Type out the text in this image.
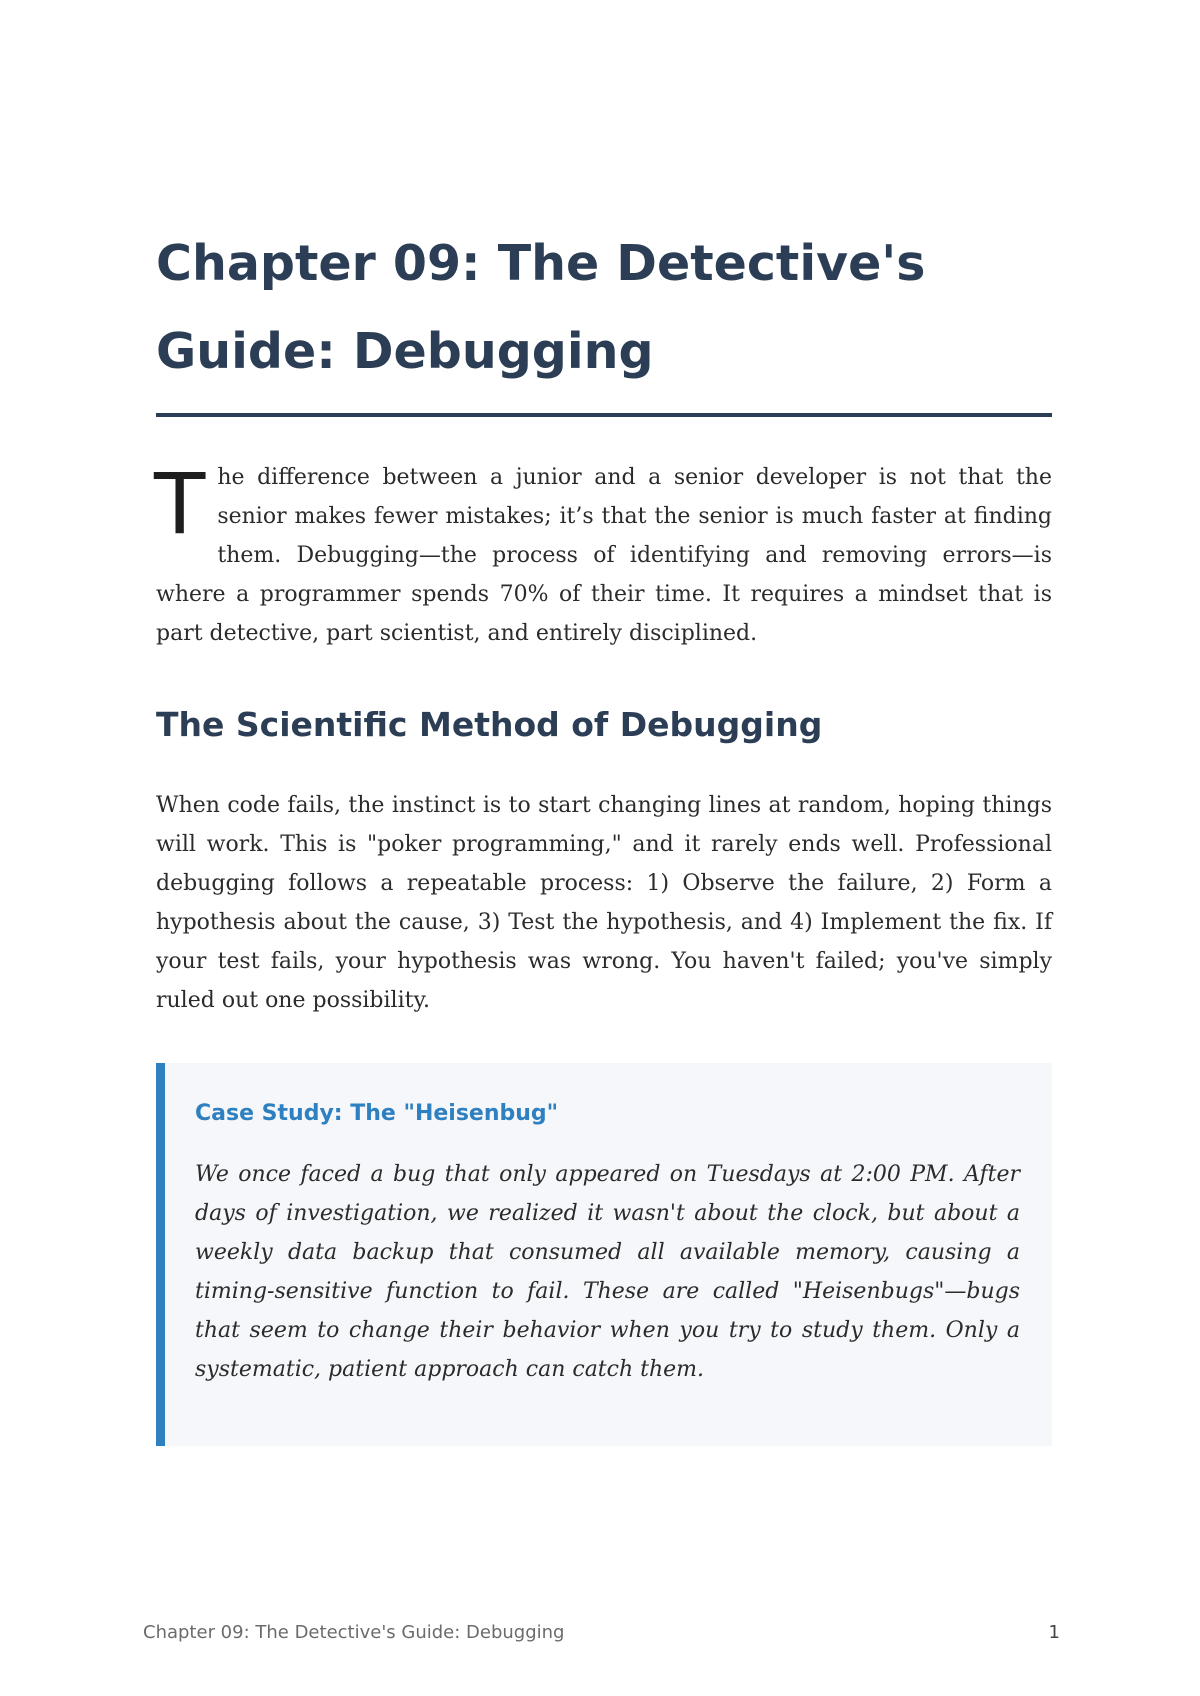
Chapter 09: The Detective's Guide: Debugging

The difference between a junior and a senior developer is not that the senior makes fewer mistakes; it’s that the senior is much faster at finding them. Debugging—the process of identifying and removing errors—is where a programmer spends 70% of their time. It requires a mindset that is part detective, part scientist, and entirely disciplined.

The Scientific Method of Debugging

When code fails, the instinct is to start changing lines at random, hoping things will work. This is "poker programming," and it rarely ends well. Professional debugging follows a repeatable process: 1) Observe the failure, 2) Form a hypothesis about the cause, 3) Test the hypothesis, and 4) Implement the fix. If your test fails, your hypothesis was wrong. You haven't failed; you've simply ruled out one possibility.

Case Study: The "Heisenbug"

We once faced a bug that only appeared on Tuesdays at 2:00 PM. After days of investigation, we realized it wasn't about the clock, but about a weekly data backup that consumed all available memory, causing a timing-sensitive function to fail. These are called "Heisenbugs"—bugs that seem to change their behavior when you try to study them. Only a systematic, patient approach can catch them.

Chapter 09: The Detective's Guide: Debugging	1
